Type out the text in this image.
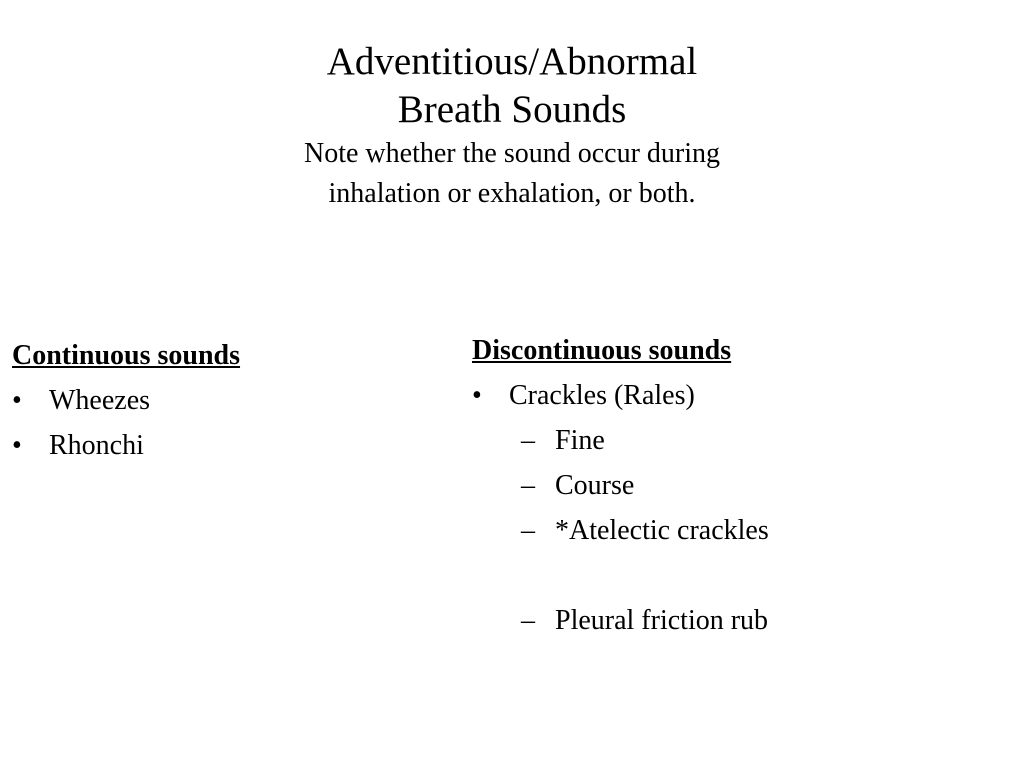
Adventitious/Abnormal
Breath Sounds
Note whether the sound occur during
inhalation or exhalation, or both.
Continuous sounds
• Wheezes
• Rhonchi
Discontinuous sounds
• Crackles (Rales)
– Fine
– Course
– *Atelectic crackles
– Pleural friction rub
